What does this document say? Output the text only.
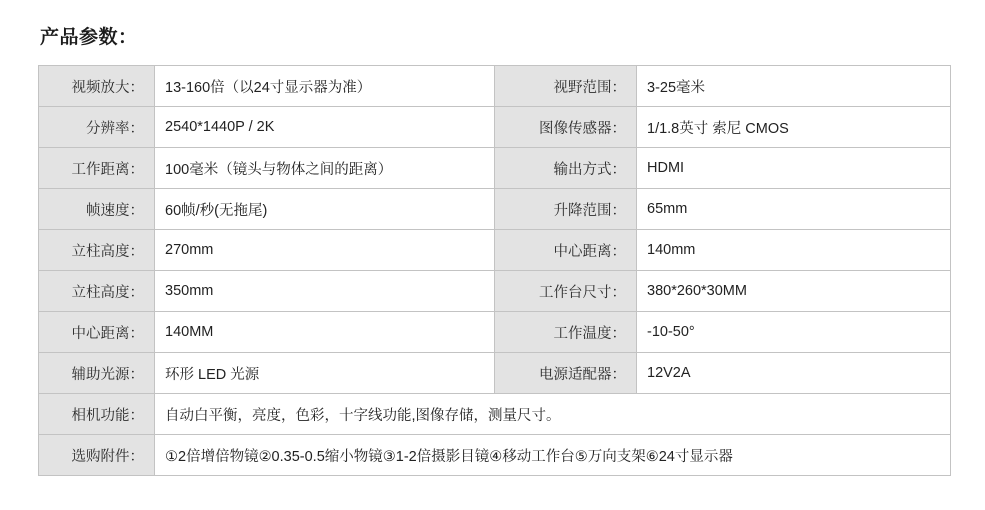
产品参数：
视频放大：	13-160倍（以24寸显示器为准）	视野范围：	3-25毫米
分辨率：	2540*1440P / 2K	图像传感器：	1/1.8英寸 索尼 CMOS
工作距离：	100毫米（镜头与物体之间的距离）	输出方式：	HDMI
帧速度：	60帧/秒(无拖尾)	升降范围：	65mm
立柱高度：	270mm	中心距离：	140mm
立柱高度：	350mm	工作台尺寸：	380*260*30MM
中心距离：	140MM	工作温度：	-10-50°
辅助光源：	环形 LED 光源	电源适配器：	12V2A
相机功能：	自动白平衡，亮度，色彩，十字线功能,图像存储，测量尺寸。		
选购附件：	①2倍增倍物镜②0.35-0.5缩小物镜③1-2倍摄影目镜④移动工作台⑤万向支架⑥24寸显示器		
